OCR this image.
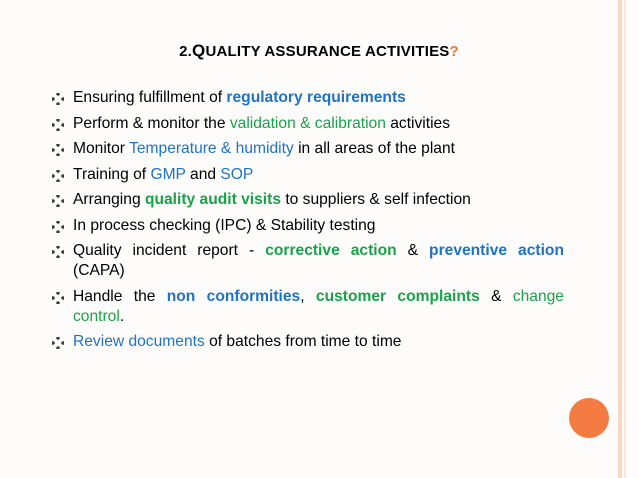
2.QUALITY ASSURANCE ACTIVITIES?
Ensuring fulfillment of regulatory requirements
Perform & monitor the validation & calibration activities
Monitor Temperature & humidity in all areas of the plant
Training of GMP and SOP
Arranging quality audit visits to suppliers & self infection
In process checking (IPC) & Stability testing
Quality incident report - corrective action & preventive action (CAPA)
Handle the non conformities, customer complaints & change control.
Review documents of batches from time to time
